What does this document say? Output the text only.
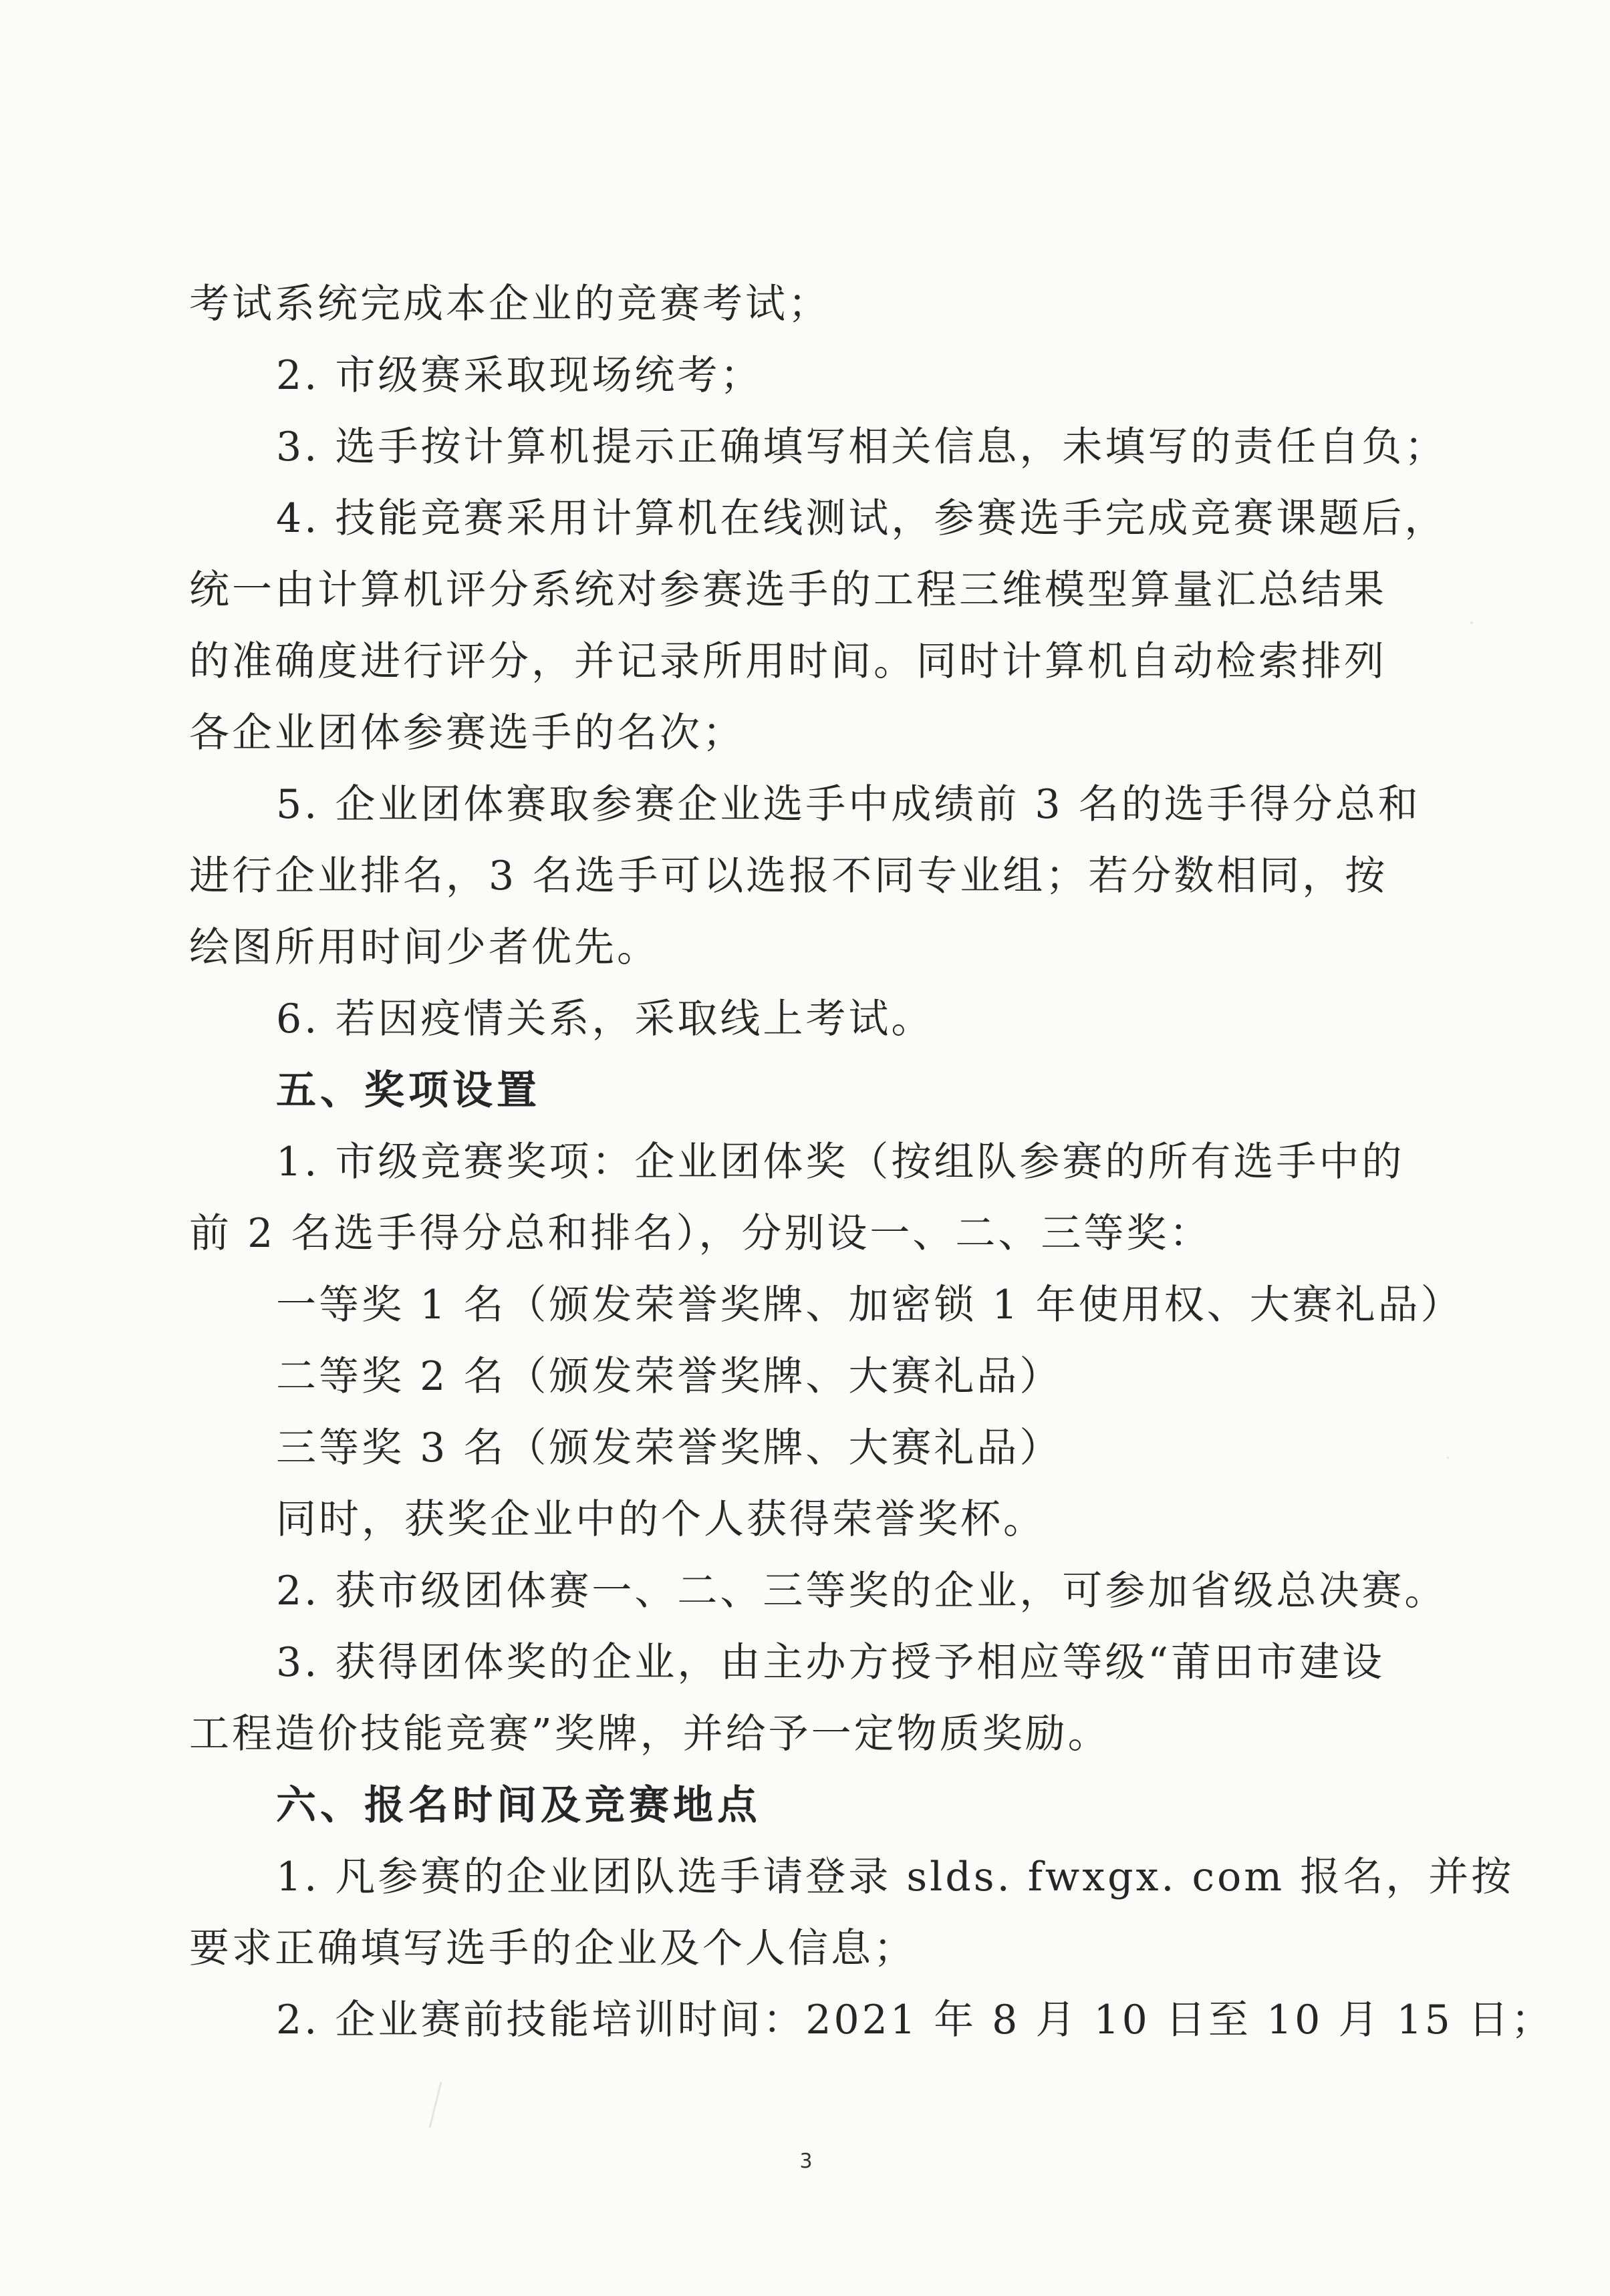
考试系统完成本企业的竞赛考试；
2. 市级赛采取现场统考；
3. 选手按计算机提示正确填写相关信息，未填写的责任自负；
4. 技能竞赛采用计算机在线测试，参赛选手完成竞赛课题后，
统一由计算机评分系统对参赛选手的工程三维模型算量汇总结果
的准确度进行评分，并记录所用时间。同时计算机自动检索排列
各企业团体参赛选手的名次；
5. 企业团体赛取参赛企业选手中成绩前 3 名的选手得分总和
进行企业排名，3 名选手可以选报不同专业组；若分数相同，按
绘图所用时间少者优先。
6. 若因疫情关系，采取线上考试。
五、奖项设置
1. 市级竞赛奖项：企业团体奖（按组队参赛的所有选手中的
前 2 名选手得分总和排名），分别设一、二、三等奖：
一等奖 1 名（颁发荣誉奖牌、加密锁 1 年使用权、大赛礼品）
二等奖 2 名（颁发荣誉奖牌、大赛礼品）
三等奖 3 名（颁发荣誉奖牌、大赛礼品）
同时，获奖企业中的个人获得荣誉奖杯。
2. 获市级团体赛一、二、三等奖的企业，可参加省级总决赛。
3. 获得团体奖的企业，由主办方授予相应等级“莆田市建设
工程造价技能竞赛”奖牌，并给予一定物质奖励。
六、报名时间及竞赛地点
1. 凡参赛的企业团队选手请登录 slds. fwxgx. com 报名，并按
要求正确填写选手的企业及个人信息；
2. 企业赛前技能培训时间：2021 年 8 月 10 日至 10 月 15 日；
3
